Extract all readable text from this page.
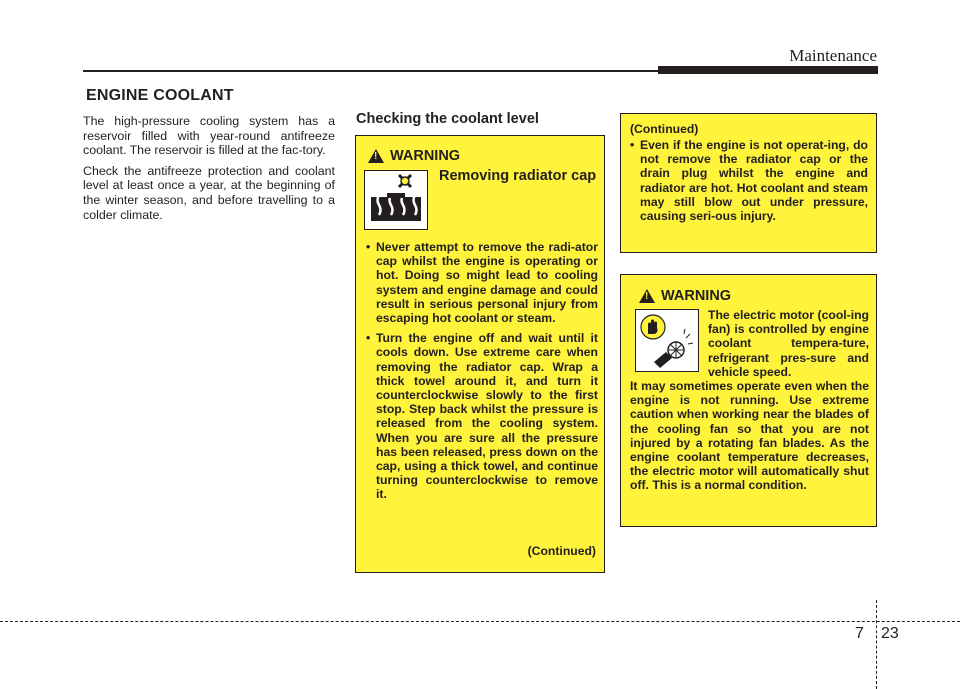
Maintenance
ENGINE COOLANT

The high-pressure cooling system has a reservoir filled with year-round antifreeze coolant. The reservoir is filled at the fac-tory.

Check the antifreeze protection and coolant level at least once a year, at the beginning of the winter season, and before travelling to a colder climate.

Checking the coolant level
!
WARNING
Removing radiator cap
• Never attempt to remove the radi-ator cap whilst the engine is operating or hot. Doing so might lead to cooling system and engine damage and could result in serious personal injury from escaping hot coolant or steam.
• Turn the engine off and wait until it cools down. Use extreme care when removing the radiator cap. Wrap a thick towel around it, and turn it counterclockwise slowly to the first stop. Step back whilst the pressure is released from the cooling system. When you are sure all the pressure has been released, press down on the cap, using a thick towel, and continue turning counterclockwise to remove it.
(Continued)
(Continued)
• Even if the engine is not operat-ing, do not remove the radiator cap or the drain plug whilst the engine and radiator are hot. Hot coolant and steam may still blow out under pressure, causing seri-ous injury.
!
WARNING
The electric motor (cool-ing fan) is controlled by engine coolant tempera-ture, refrigerant pres-sure and vehicle speed.
It may sometimes operate even when the engine is not running. Use extreme caution when working near the blades of the cooling fan so that you are not injured by a rotating fan blades. As the engine coolant temperature decreases, the electric motor will automatically shut off. This is a normal condition.
7 23
